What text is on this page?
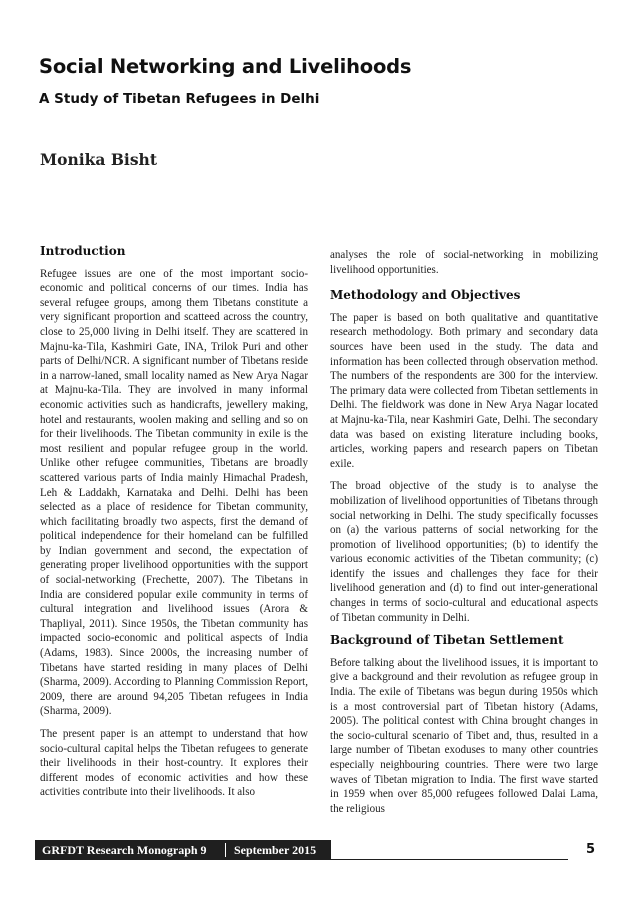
Social Networking and Livelihoods
A Study of Tibetan Refugees in Delhi
Monika Bisht
Introduction

Refugee issues are one of the most important socio-economic and political concerns of our times. India has several refugee groups, among them Tibetans constitute a very significant proportion and scatteed across the country, close to 25,000 living in Delhi itself. They are scattered in Majnu-ka-Tila, Kashmiri Gate, INA, Trilok Puri and other parts of Delhi/NCR. A significant number of Tibetans reside in a narrow-laned, small locality named as New Arya Nagar at Majnu-ka-Tila. They are involved in many informal economic activities such as handicrafts, jewellery making, hotel and restaurants, woolen making and selling and so on for their livelihoods. The Tibetan community in exile is the most resilient and popular refugee group in the world. Unlike other refugee communities, Tibetans are broadly scattered various parts of India mainly Himachal Pradesh, Leh & Laddakh, Karnataka and Delhi. Delhi has been selected as a place of residence for Tibetan community, which facilitating broadly two aspects, first the demand of political independence for their homeland can be fulfilled by Indian government and second, the expectation of generating proper livelihood opportunities with the support of social-networking (Frechette, 2007). The Tibetans in India are considered popular exile community in terms of cultural integration and livelihood issues (Arora & Thapliyal, 2011). Since 1950s, the Tibetan community has impacted socio-economic and political aspects of India (Adams, 1983). Since 2000s, the increasing number of Tibetans have started residing in many places of Delhi (Sharma, 2009). According to Planning Commission Report, 2009, there are around 94,205 Tibetan refugees in India (Sharma, 2009).

The present paper is an attempt to understand that how socio-cultural capital helps the Tibetan refugees to generate their livelihoods in their host-country. It explores their different modes of economic activities and how these activities contribute into their livelihoods. It also

analyses the role of social-networking in mobilizing livelihood opportunities.

Methodology and Objectives

The paper is based on both qualitative and quantitative research methodology. Both primary and secondary data sources have been used in the study. The data and information has been collected through observation method. The numbers of the respondents are 300 for the interview. The primary data were collected from Tibetan settlements in Delhi. The fieldwork was done in New Arya Nagar located at Majnu-ka-Tila, near Kashmiri Gate, Delhi. The secondary data was based on existing literature including books, articles, working papers and research papers on Tibetan exile.

The broad objective of the study is to analyse the mobilization of livelihood opportunities of Tibetans through social networking in Delhi. The study specifically focusses on (a) the various patterns of social networking for the promotion of livelihood opportunities; (b) to identify the various economic activities of the Tibetan community; (c) identify the issues and challenges they face for their livelihood generation and (d) to find out inter-generational changes in terms of socio-cultural and educational aspects of Tibetan community in Delhi.

Background of Tibetan Settlement

Before talking about the livelihood issues, it is important to give a background and their revolution as refugee group in India. The exile of Tibetans was begun during 1950s which is a most controversial part of Tibetan history (Adams, 2005). The political contest with China brought changes in the socio-cultural scenario of Tibet and, thus, resulted in a large number of Tibetan exoduses to many other countries especially neighbouring countries. There were two large waves of Tibetan migration to India. The first wave started in 1959 when over 85,000 refugees followed Dalai Lama, the religious

GRFDT Research Monograph 9	September 2015	5
